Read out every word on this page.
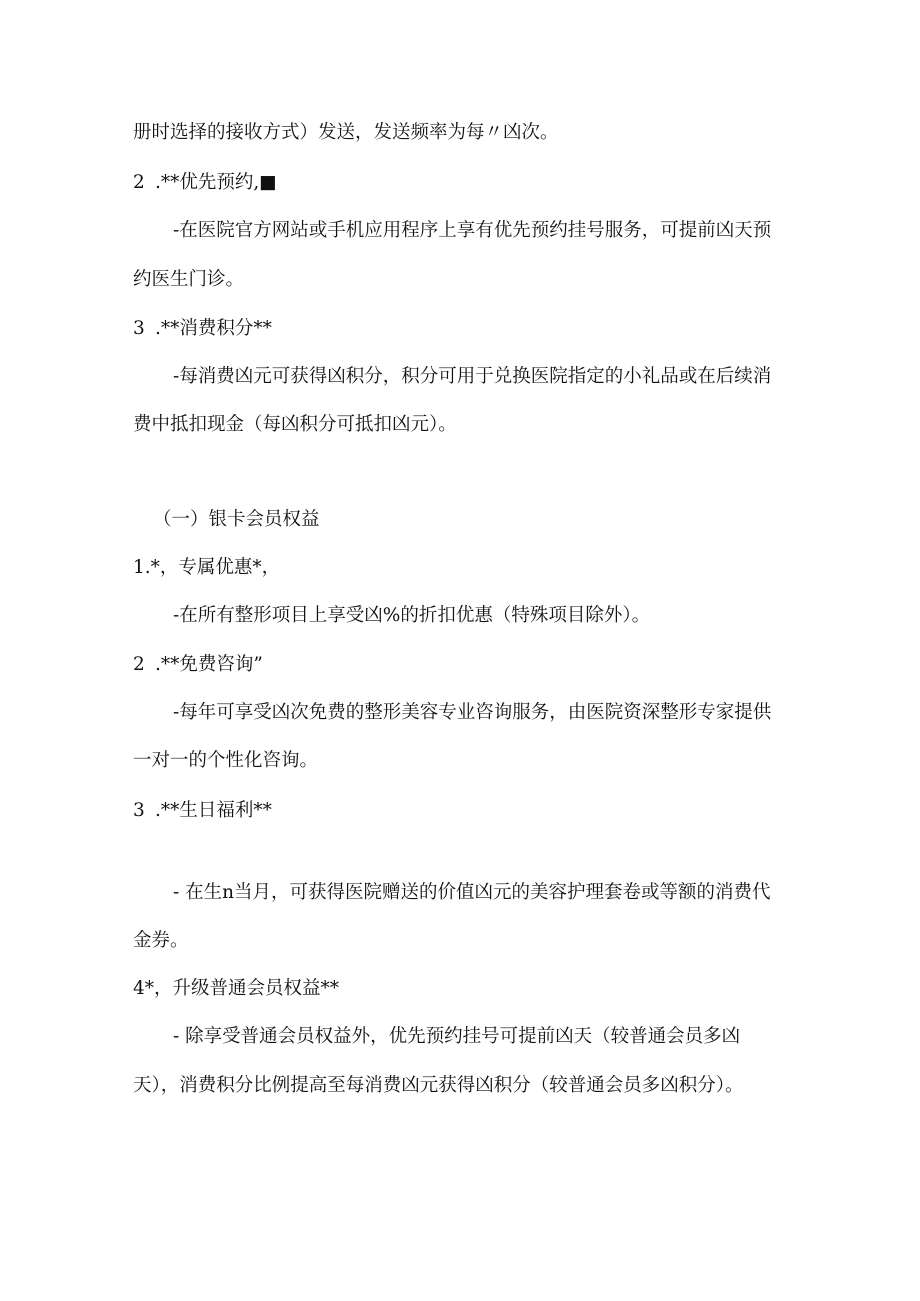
册时选择的接收方式）发送，发送频率为每〃凶次。
2 .**优先预约,■
-在医院官方网站或手机应用程序上享有优先预约挂号服务，可提前凶天预
约医生门诊。
3 .**消费积分**
-每消费凶元可获得凶积分，积分可用于兑换医院指定的小礼品或在后续消
费中抵扣现金（每凶积分可抵扣凶元）。
（一）银卡会员权益
1.*，专属优惠*，
-在所有整形项目上享受凶%的折扣优惠（特殊项目除外）。
2 .**免费咨询”
-每年可享受凶次免费的整形美容专业咨询服务，由医院资深整形专家提供
一对一的个性化咨询。
3 .**生日福利**
- 在生n当月，可获得医院赠送的价值凶元的美容护理套卷或等额的消费代
金券。
4*，升级普通会员权益**
- 除享受普通会员权益外，优先预约挂号可提前凶天（较普通会员多凶
天），消费积分比例提高至每消费凶元获得凶积分（较普通会员多凶积分）。
